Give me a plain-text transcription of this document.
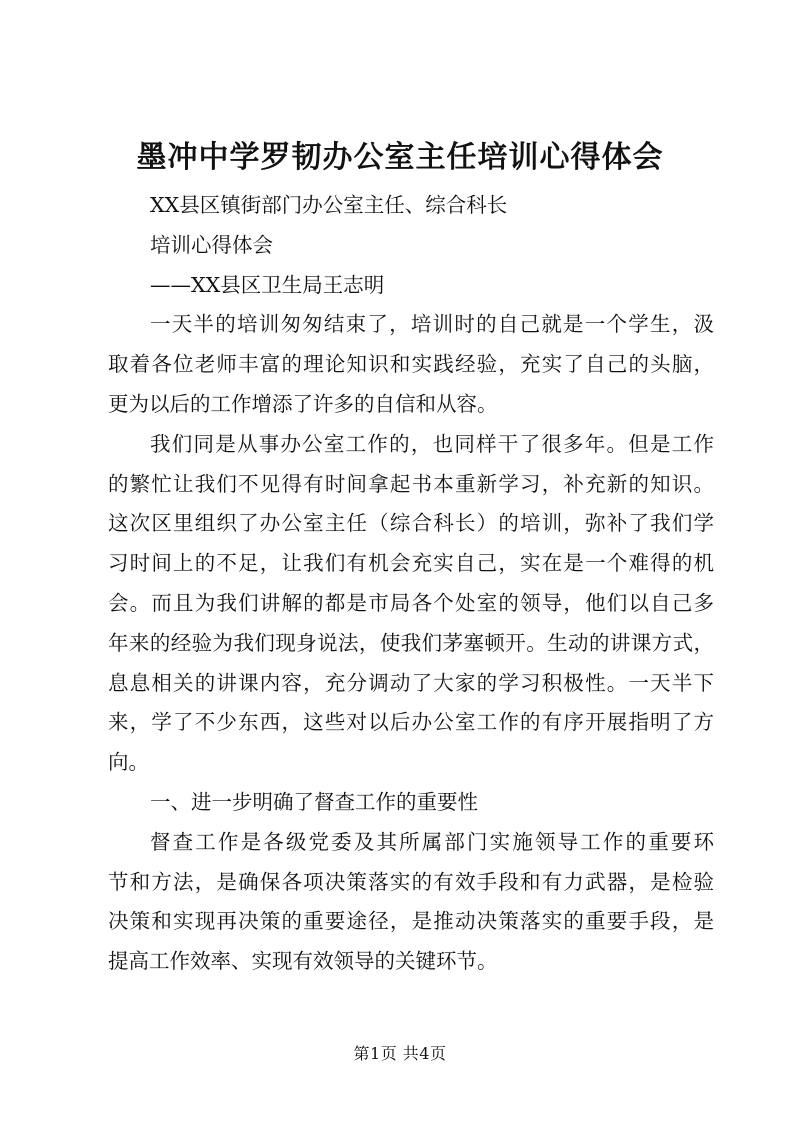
墨冲中学罗韧办公室主任培训心得体会

XX县区镇街部门办公室主任、综合科长

培训心得体会

——XX县区卫生局王志明

一天半的培训匆匆结束了，培训时的自己就是一个学生，汲

取着各位老师丰富的理论知识和实践经验，充实了自己的头脑，

更为以后的工作增添了许多的自信和从容。

我们同是从事办公室工作的，也同样干了很多年。但是工作

的繁忙让我们不见得有时间拿起书本重新学习，补充新的知识。

这次区里组织了办公室主任（综合科长）的培训，弥补了我们学

习时间上的不足，让我们有机会充实自己，实在是一个难得的机

会。而且为我们讲解的都是市局各个处室的领导，他们以自己多

年来的经验为我们现身说法，使我们茅塞顿开。生动的讲课方式，

息息相关的讲课内容，充分调动了大家的学习积极性。一天半下

来，学了不少东西，这些对以后办公室工作的有序开展指明了方

向。

一、进一步明确了督查工作的重要性

督查工作是各级党委及其所属部门实施领导工作的重要环

节和方法，是确保各项决策落实的有效手段和有力武器，是检验

决策和实现再决策的重要途径，是推动决策落实的重要手段，是

提高工作效率、实现有效领导的关键环节。

第1页 共4页
